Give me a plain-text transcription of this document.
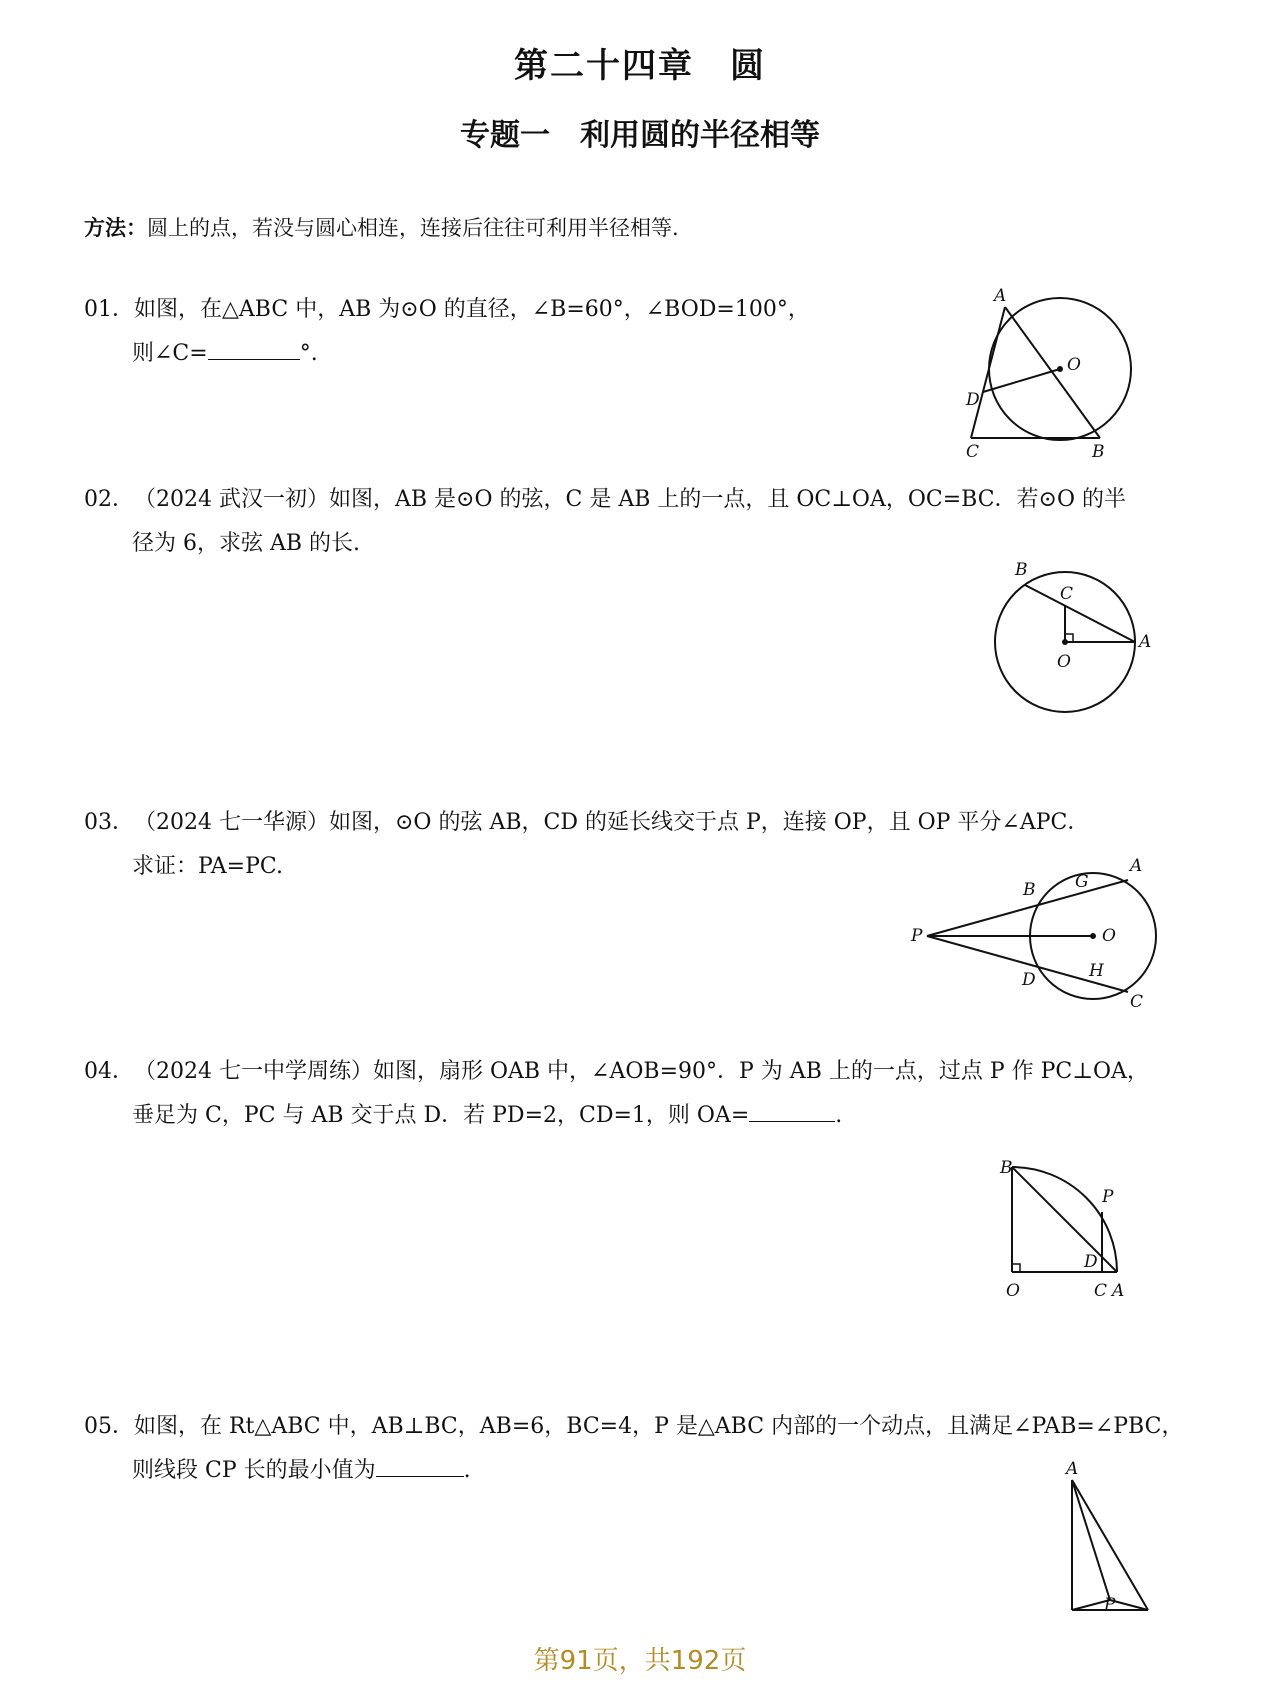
第二十四章　圆
专题一　利用圆的半径相等
方法：圆上的点，若没与圆心相连，连接后往往可利用半径相等.
01．如图，在△ABC 中，AB 为⊙O 的直径，∠B=60°，∠BOD=100°，
则∠C=	°.
A
O
D
C	B
02．（2024 武汉一初）如图，AB 是⊙O 的弦，C 是 AB 上的一点，且 OC⊥OA，OC=BC．若⊙O 的半
径为 6，求弦 AB 的长.
B
C
O
A
03．（2024 七一华源）如图，⊙O 的弦 AB，CD 的延长线交于点 P，连接 OP，且 OP 平分∠APC．
求证：PA=PC.	A
G
B
P	O
D	H
C
04．（2024 七一中学周练）如图，扇形 OAB 中，∠AOB=90°．P 为 AB 上的一点，过点 P 作 PC⊥OA，
垂足为 C，PC 与 AB 交于点 D．若 PD=2，CD=1，则 OA=	.
B
P
D
O	C A
05．如图，在 Rt△ABC 中，AB⊥BC，AB=6，BC=4，P 是△ABC 内部的一个动点，且满足∠PAB=∠PBC，
则线段 CP 长的最小值为	.	A
P
第91页，共192页
